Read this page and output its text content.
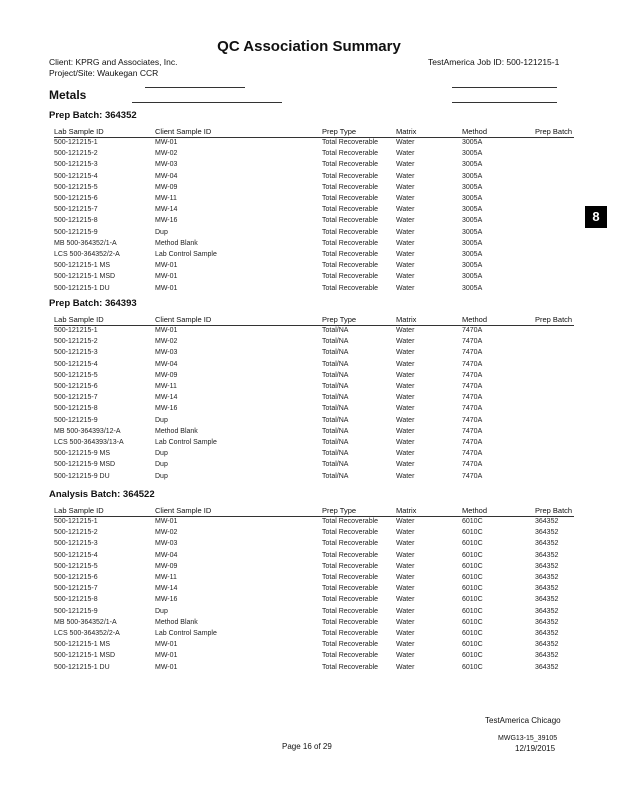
QC Association Summary
Client: KPRG and Associates, Inc.
Project/Site: Waukegan CCR
TestAmerica Job ID: 500-121215-1
Metals
8
Prep Batch: 364352
Lab Sample ID	Client Sample ID	Prep Type	Matrix	Method	Prep Batch
500-121215-1	MW-01	Total Recoverable	Water	3005A
500-121215-2	MW-02	Total Recoverable	Water	3005A
500-121215-3	MW-03	Total Recoverable	Water	3005A
500-121215-4	MW-04	Total Recoverable	Water	3005A
500-121215-5	MW-09	Total Recoverable	Water	3005A
500-121215-6	MW-11	Total Recoverable	Water	3005A
500-121215-7	MW-14	Total Recoverable	Water	3005A
500-121215-8	MW-16	Total Recoverable	Water	3005A
500-121215-9	Dup	Total Recoverable	Water	3005A
MB 500-364352/1-A	Method Blank	Total Recoverable	Water	3005A
LCS 500-364352/2-A	Lab Control Sample	Total Recoverable	Water	3005A
500-121215-1 MS	MW-01	Total Recoverable	Water	3005A
500-121215-1 MSD	MW-01	Total Recoverable	Water	3005A
500-121215-1 DU	MW-01	Total Recoverable	Water	3005A
Prep Batch: 364393
Lab Sample ID	Client Sample ID	Prep Type	Matrix	Method	Prep Batch
500-121215-1	MW-01	Total/NA	Water	7470A
500-121215-2	MW-02	Total/NA	Water	7470A
500-121215-3	MW-03	Total/NA	Water	7470A
500-121215-4	MW-04	Total/NA	Water	7470A
500-121215-5	MW-09	Total/NA	Water	7470A
500-121215-6	MW-11	Total/NA	Water	7470A
500-121215-7	MW-14	Total/NA	Water	7470A
500-121215-8	MW-16	Total/NA	Water	7470A
500-121215-9	Dup	Total/NA	Water	7470A
MB 500-364393/12-A	Method Blank	Total/NA	Water	7470A
LCS 500-364393/13-A	Lab Control Sample	Total/NA	Water	7470A
500-121215-9 MS	Dup	Total/NA	Water	7470A
500-121215-9 MSD	Dup	Total/NA	Water	7470A
500-121215-9 DU	Dup	Total/NA	Water	7470A
Analysis Batch: 364522
Lab Sample ID	Client Sample ID	Prep Type	Matrix	Method	Prep Batch
500-121215-1	MW-01	Total Recoverable	Water	6010C	364352
500-121215-2	MW-02	Total Recoverable	Water	6010C	364352
500-121215-3	MW-03	Total Recoverable	Water	6010C	364352
500-121215-4	MW-04	Total Recoverable	Water	6010C	364352
500-121215-5	MW-09	Total Recoverable	Water	6010C	364352
500-121215-6	MW-11	Total Recoverable	Water	6010C	364352
500-121215-7	MW-14	Total Recoverable	Water	6010C	364352
500-121215-8	MW-16	Total Recoverable	Water	6010C	364352
500-121215-9	Dup	Total Recoverable	Water	6010C	364352
MB 500-364352/1-A	Method Blank	Total Recoverable	Water	6010C	364352
LCS 500-364352/2-A	Lab Control Sample	Total Recoverable	Water	6010C	364352
500-121215-1 MS	MW-01	Total Recoverable	Water	6010C	364352
500-121215-1 MSD	MW-01	Total Recoverable	Water	6010C	364352
500-121215-1 DU	MW-01	Total Recoverable	Water	6010C	364352
TestAmerica Chicago
Page 16 of 29
MWG13-15_39105
12/19/2015
